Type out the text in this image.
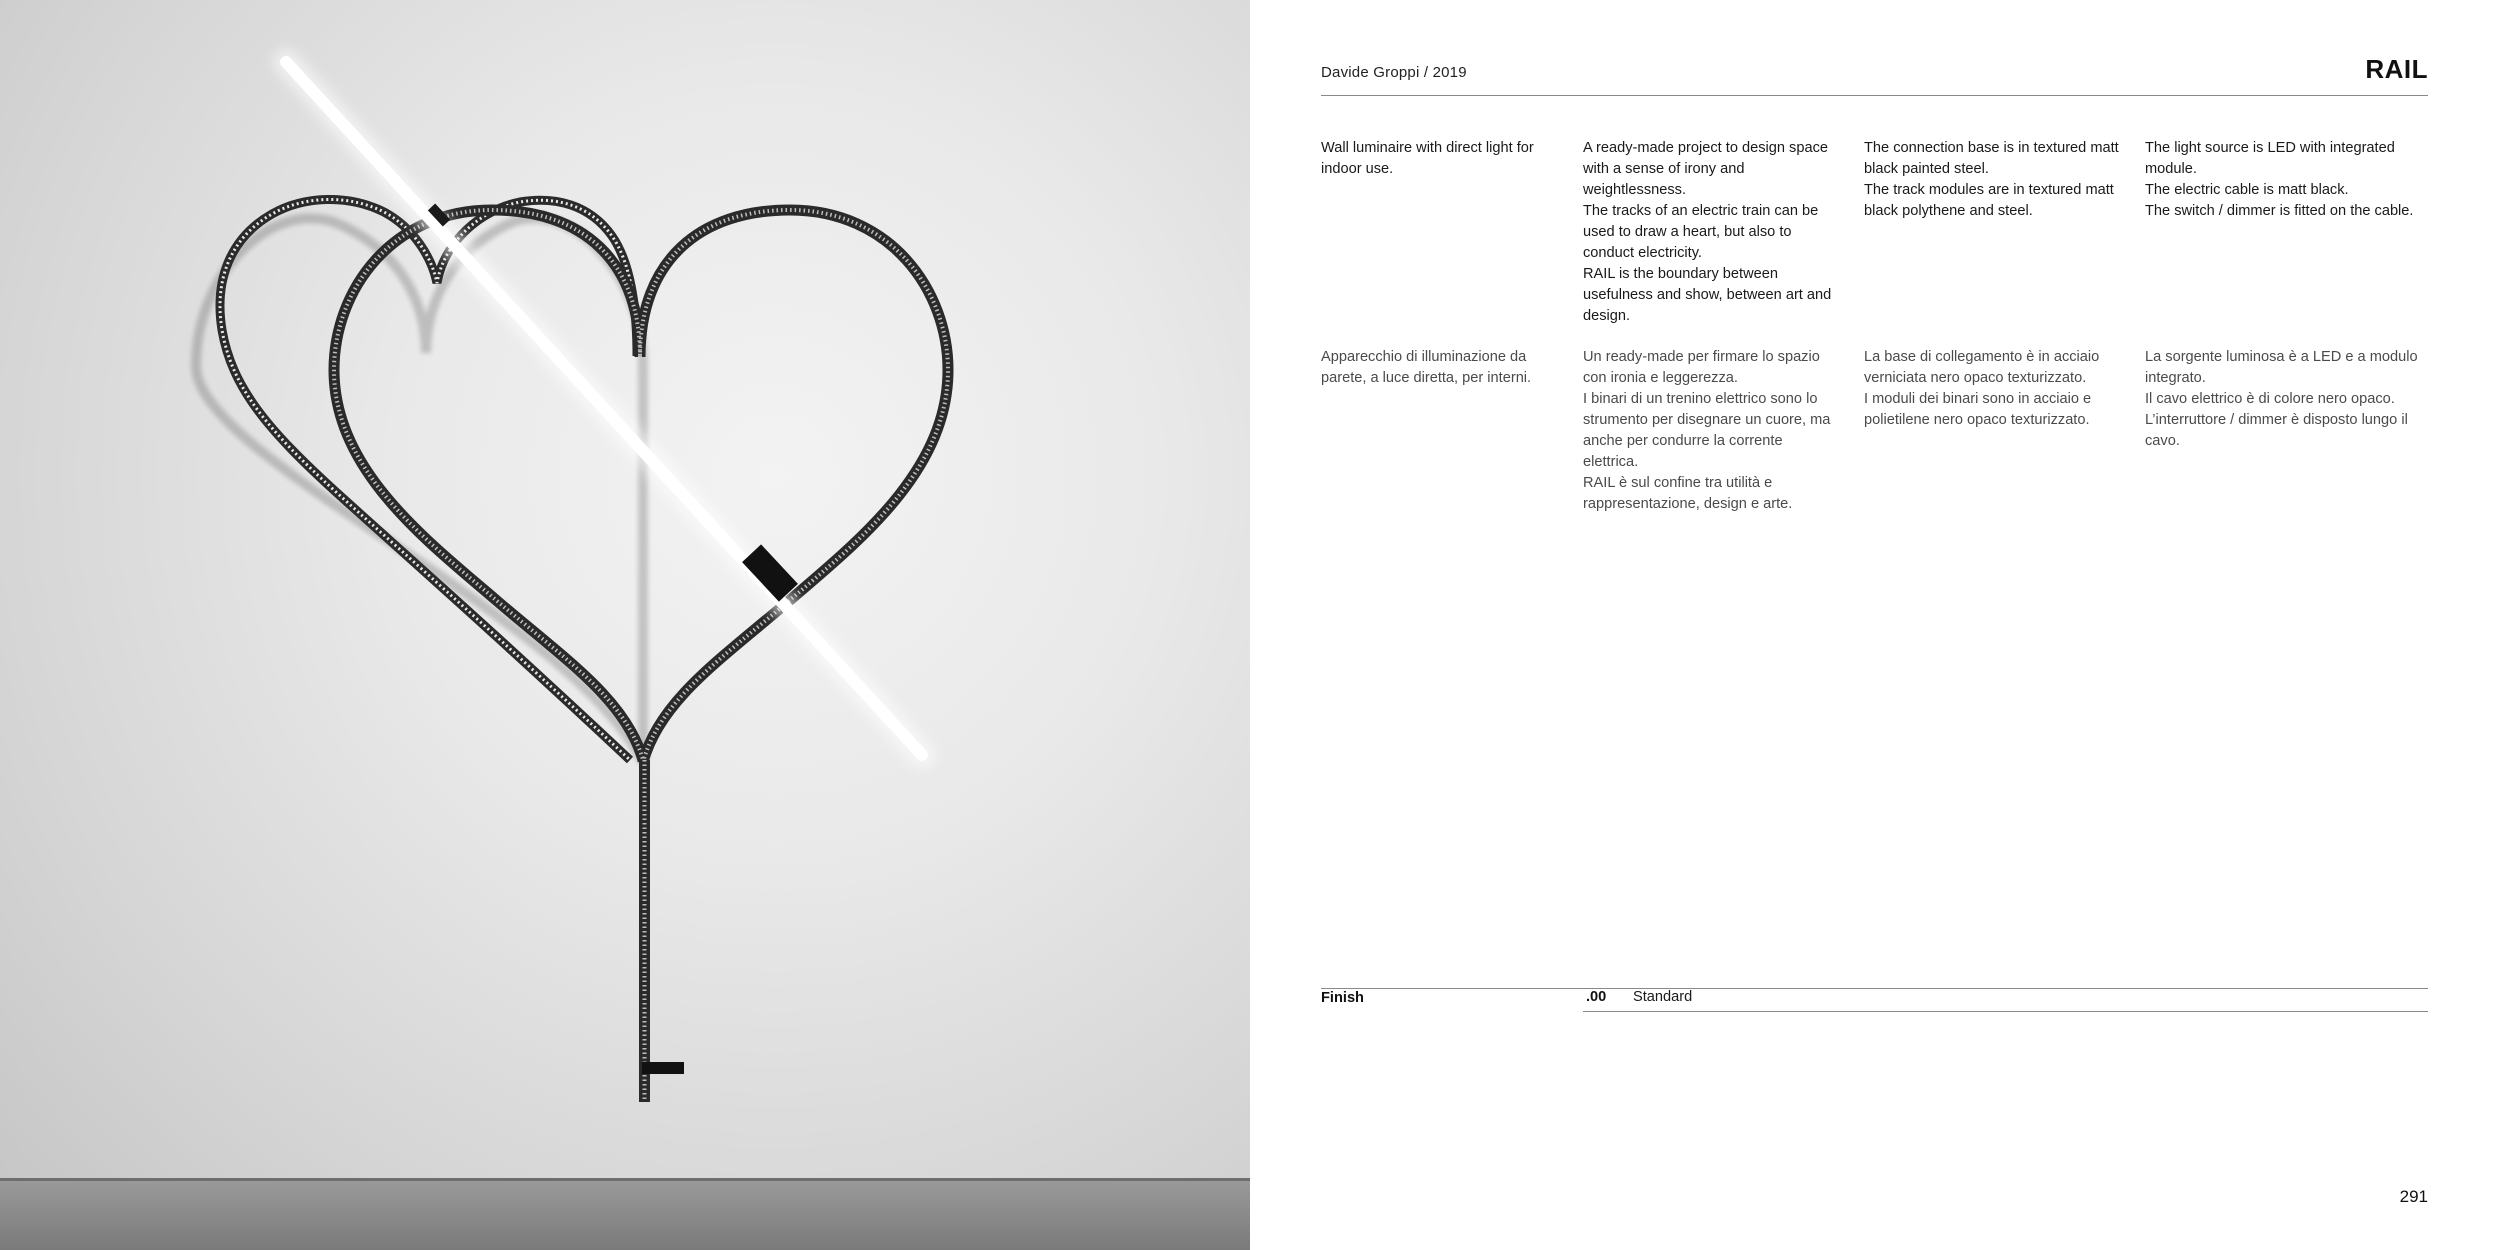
Davide Groppi / 2019	RAIL

Wall luminaire with direct light for indoor use.

A ready-made project to design space with a sense of irony and weightlessness.

The tracks of an electric train can be used to draw a heart, but also to conduct electricity.

RAIL is the boundary between usefulness and show, between art and design.

The connection base is in textured matt black painted steel.

The track modules are in textured matt black polythene and steel.

The light source is LED with integrated module.

The electric cable is matt black.

The switch / dimmer is fitted on the cable.

Apparecchio di illuminazione da parete, a luce diretta, per interni.

Un ready-made per firmare lo spazio con ironia e leggerezza.

I binari di un trenino elettrico sono lo strumento per disegnare un cuore, ma anche per condurre la corrente elettrica.

RAIL è sul confine tra utilità e rappresentazione, design e arte.

La base di collegamento è in acciaio verniciata nero opaco texturizzato.

I moduli dei binari sono in acciaio e polietilene nero opaco texturizzato.

La sorgente luminosa è a LED e a modulo integrato.

Il cavo elettrico è di colore nero opaco.

L’interruttore / dimmer è disposto lungo il cavo.

Finish	.00 Standard
291
